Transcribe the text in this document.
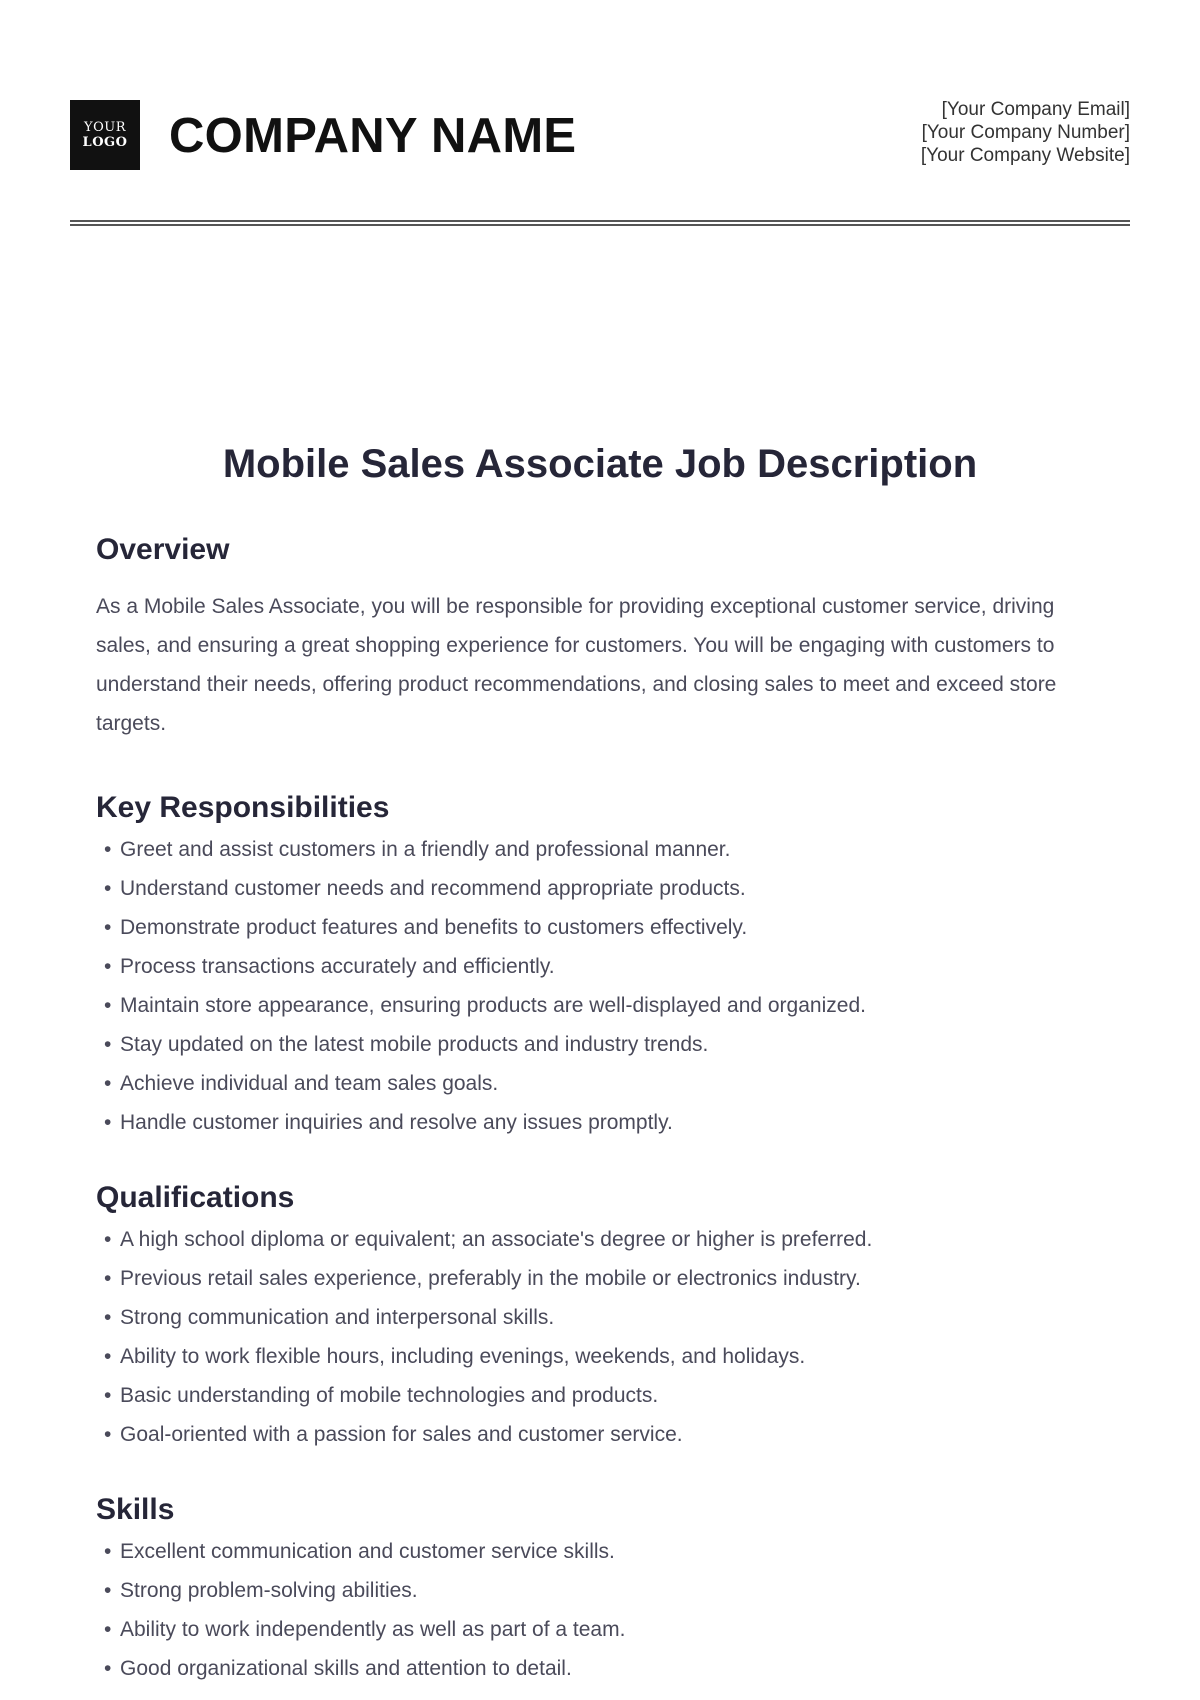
YOUR
LOGO COMPANY NAME	[Your Company Email]
[Your Company Number]
[Your Company Website]
Mobile Sales Associate Job Description
Overview

As a Mobile Sales Associate, you will be responsible for providing exceptional customer service, driving sales, and ensuring a great shopping experience for customers. You will be engaging with customers to understand their needs, offering product recommendations, and closing sales to meet and exceed store targets.

Key Responsibilities
• Greet and assist customers in a friendly and professional manner.
• Understand customer needs and recommend appropriate products.
• Demonstrate product features and benefits to customers effectively.
• Process transactions accurately and efficiently.
• Maintain store appearance, ensuring products are well-displayed and organized.
• Stay updated on the latest mobile products and industry trends.
• Achieve individual and team sales goals.
• Handle customer inquiries and resolve any issues promptly.
Qualifications
• A high school diploma or equivalent; an associate's degree or higher is preferred.
• Previous retail sales experience, preferably in the mobile or electronics industry.
• Strong communication and interpersonal skills.
• Ability to work flexible hours, including evenings, weekends, and holidays.
• Basic understanding of mobile technologies and products.
• Goal-oriented with a passion for sales and customer service.
Skills
• Excellent communication and customer service skills.
• Strong problem-solving abilities.
• Ability to work independently as well as part of a team.
• Good organizational skills and attention to detail.
